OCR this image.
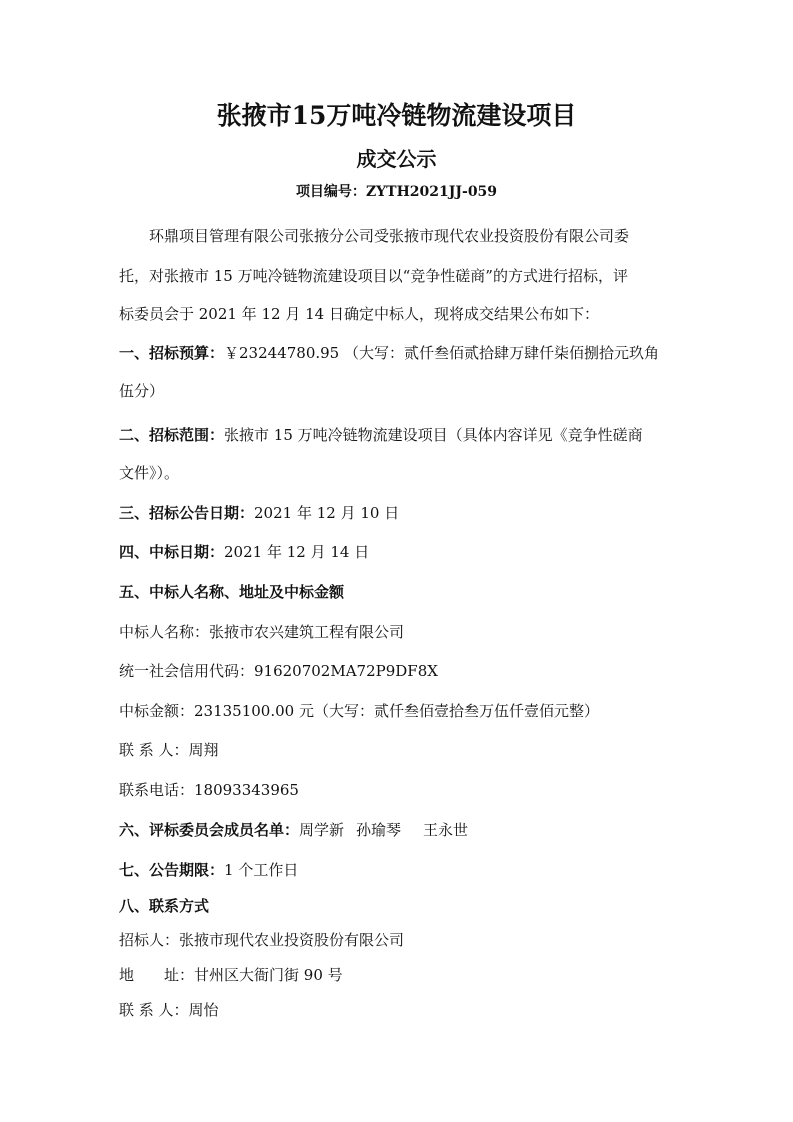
张掖市15万吨冷链物流建设项目
成交公示
项目编号：ZYTH2021JJ-059
环鼎项目管理有限公司张掖分公司受张掖市现代农业投资股份有限公司委
托，对张掖市 15 万吨冷链物流建设项目以“竞争性磋商”的方式进行招标，评
标委员会于 2021 年 12 月 14 日确定中标人，现将成交结果公布如下：
一、招标预算：￥23244780.95 （大写：贰仟叁佰贰拾肆万肆仟柒佰捌拾元玖角
伍分）
二、招标范围：张掖市 15 万吨冷链物流建设项目（具体内容详见《竞争性磋商
文件》）。
三、招标公告日期：2021 年 12 月 10 日
四、中标日期：2021 年 12 月 14 日
五、中标人名称、地址及中标金额
中标人名称：张掖市农兴建筑工程有限公司
统一社会信用代码：91620702MA72P9DF8X
中标金额：23135100.00 元（大写：贰仟叁佰壹拾叁万伍仟壹佰元整）
联 系 人：周翔
联系电话：18093343965
六、评标委员会成员名单：周学新 孙瑜琴 王永世
七、公告期限：1 个工作日
八、联系方式
招标人：张掖市现代农业投资股份有限公司
地　　址：甘州区大衙门街 90 号
联 系 人：周怡
